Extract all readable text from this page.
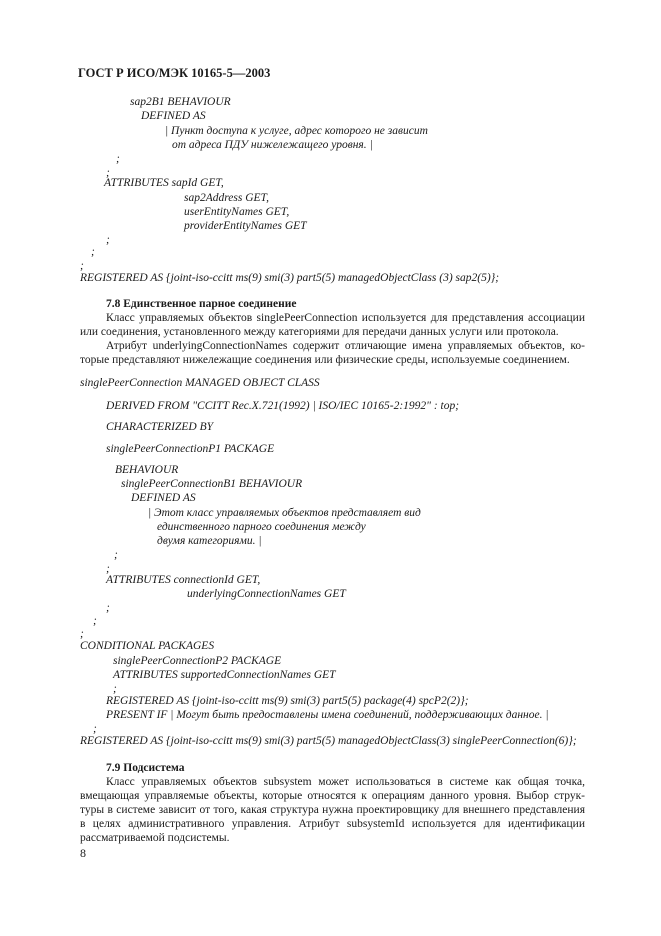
ГОСТ Р ИСО/МЭК 10165-5—2003
sap2B1 BEHAVIOUR
DEFINED AS
| Пункт доступа к услуге, адрес которого не зависит
от адреса ПДУ нижележащего уровня. |
;
;
ATTRIBUTES sapId GET,
sap2Address GET,
userEntityNames GET,
providerEntityNames GET
;
;
;
REGISTERED AS {joint-iso-ccitt ms(9) smi(3) part5(5) managedObjectClass (3) sap2(5)};
7.8 Единственное парное соединение
Класс управляемых объектов singlePeerConnection используется для представления ассоциации
или соединения, установленного между категориями для передачи данных услуги или протокола.
Атрибут underlyingConnectionNames содержит отличающие имена управляемых объектов, ко-
торые представляют нижележащие соединения или физические среды, используемые соединением.
singlePeerConnection MANAGED OBJECT CLASS
DERIVED FROM "CCITT Rec.X.721(1992) | ISO/IEC 10165-2:1992" : top;
CHARACTERIZED BY
singlePeerConnectionP1 PACKAGE
BEHAVIOUR
singlePeerConnectionB1 BEHAVIOUR
DEFINED AS
| Этот класс управляемых объектов представляет вид
единственного парного соединения между
двумя категориями. |
;
;
ATTRIBUTES connectionId GET,
underlyingConnectionNames GET
;
;
;
CONDITIONAL PACKAGES
singlePeerConnectionP2 PACKAGE
ATTRIBUTES supportedConnectionNames GET
;
REGISTERED AS {joint-iso-ccitt ms(9) smi(3) part5(5) package(4) spcP2(2)};
PRESENT IF | Могут быть предоставлены имена соединений, поддерживающих данное. |
;
REGISTERED AS {joint-iso-ccitt ms(9) smi(3) part5(5) managedObjectClass(3) singlePeerConnection(6)};
7.9 Подсистема
Класс управляемых объектов subsystem может использоваться в системе как общая точка,
вмещающая управляемые объекты, которые относятся к операциям данного уровня. Выбор струк-
туры в системе зависит от того, какая структура нужна проектировщику для внешнего представления
в целях административного управления. Атрибут subsystemId используется для идентификации
рассматриваемой подсистемы.
8
